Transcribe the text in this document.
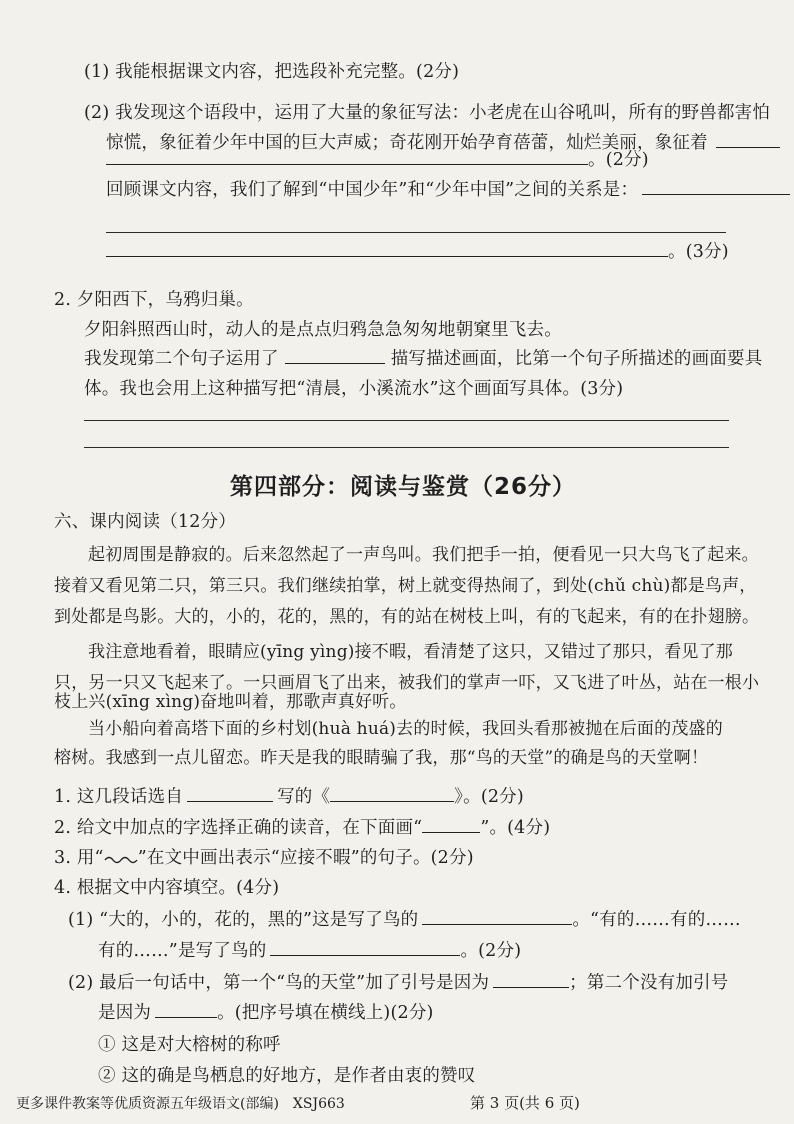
(1) 我能根据课文内容，把选段补充完整。(2分)
(2) 我发现这个语段中，运用了大量的象征写法：小老虎在山谷吼叫，所有的野兽都害怕
惊慌，象征着少年中国的巨大声威；奇花刚开始孕育蓓蕾，灿烂美丽，象征着
。(2分)
回顾课文内容，我们了解到“中国少年”和“少年中国”之间的关系是：
。(3分)
2. 夕阳西下，乌鸦归巢。
夕阳斜照西山时，动人的是点点归鸦急急匆匆地朝窠里飞去。
我发现第二个句子运用了	描写描述画面，比第一个句子所描述的画面要具
体。我也会用上这种描写把“清晨，小溪流水”这个画面写具体。(3分)
第四部分：阅读与鉴赏（26分）
六、课内阅读（12分）
起初周围是静寂的。后来忽然起了一声鸟叫。我们把手一拍，便看见一只大鸟飞了起来。
接着又看见第二只，第三只。我们继续拍掌，树上就变得热闹了，到处(chǔ chù)都是鸟声，
到处都是鸟影。大的，小的，花的，黑的，有的站在树枝上叫，有的飞起来，有的在扑翅膀。
我注意地看着，眼睛应(yīng yìng)接不暇，看清楚了这只，又错过了那只，看见了那
只，另一只又飞起来了。一只画眉飞了出来，被我们的掌声一吓，又飞进了叶丛，站在一根小
枝上兴(xīng xìng)奋地叫着，那歌声真好听。
当小船向着高塔下面的乡村划(huà huá)去的时候，我回头看那被抛在后面的茂盛的
榕树。我感到一点儿留恋。昨天是我的眼睛骗了我，那“鸟的天堂”的确是鸟的天堂啊！
1. 这几段话选自	写的《	》。(2分)
2. 给文中加点的字选择正确的读音，在下面画“	”。(4分)
3. 用“ ”在文中画出表示“应接不暇”的句子。(2分)
4. 根据文中内容填空。(4分)
(1) “大的，小的，花的，黑的”这是写了鸟的	。“有的……有的……
有的……”是写了鸟的	。(2分)
(2) 最后一句话中，第一个“鸟的天堂”加了引号是因为	；第二个没有加引号
是因为	。(把序号填在横线上)(2分)
① 这是对大榕树的称呼
② 这的确是鸟栖息的好地方，是作者由衷的赞叹
更多课件教案等优质资源五年级语文(部编)　XSJ663	第 3 页(共 6 页)
